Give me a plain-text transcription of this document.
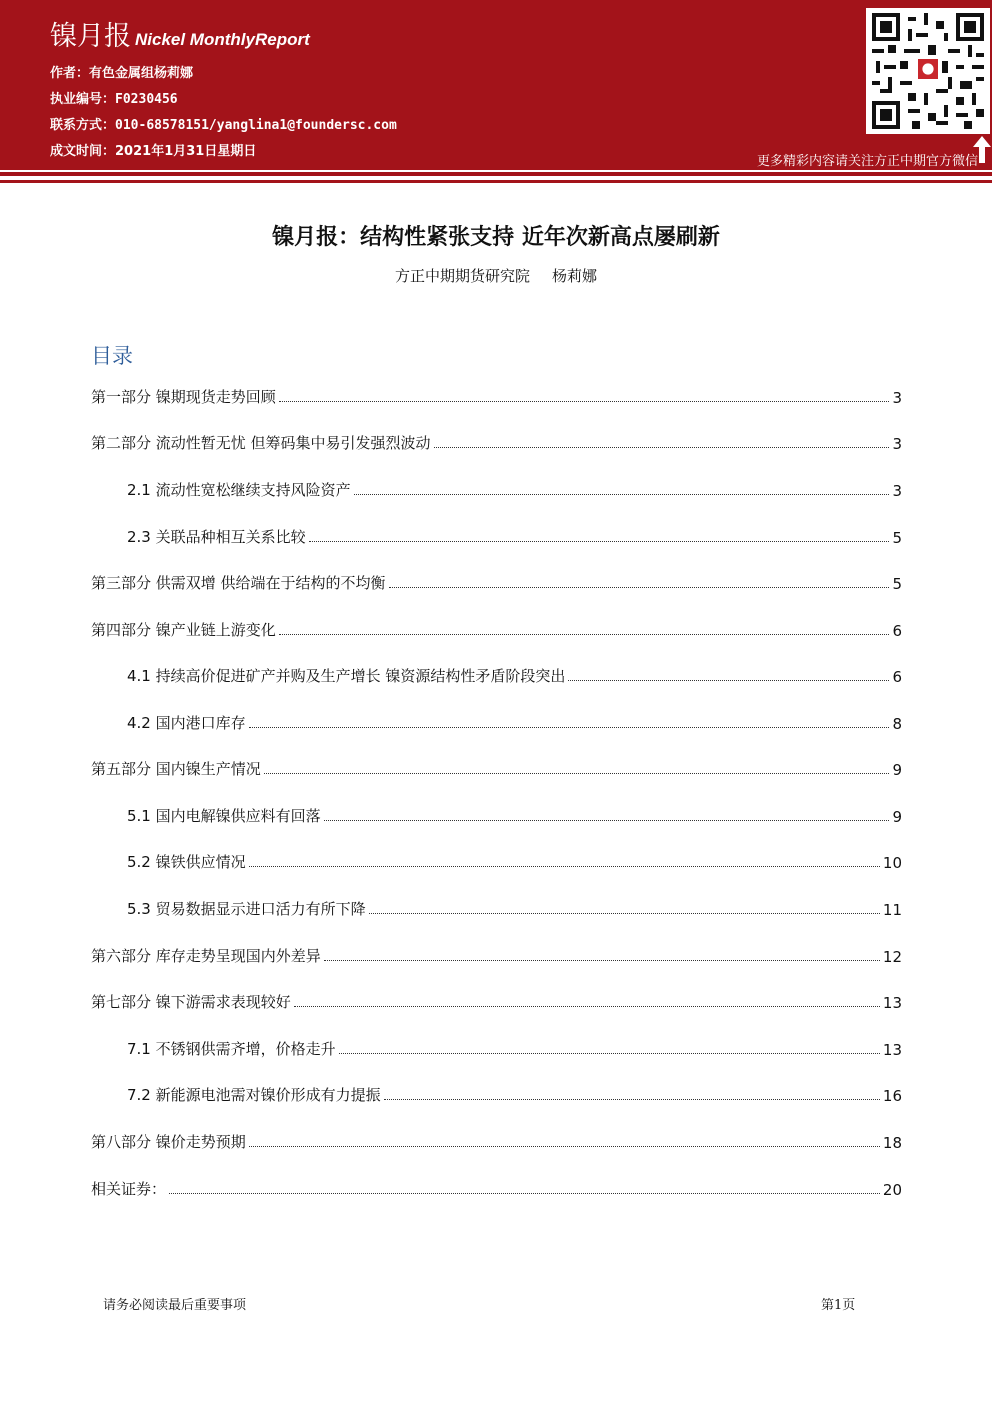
镍月报 Nickel MonthlyReport
作者：有色金属组杨莉娜
执业编号：F0230456
联系方式：010-68578151/yanglina1@foundersc.com
成文时间：2021年1月31日星期日
更多精彩内容请关注方正中期官方微信
镍月报：结构性紧张支持 近年次新高点屡刷新
方正中期期货研究院 杨莉娜
目录
第一部分 镍期现货走势回顾	3
第二部分 流动性暂无忧 但筹码集中易引发强烈波动	3
2.1 流动性宽松继续支持风险资产	3
2.3 关联品种相互关系比较	5
第三部分 供需双增 供给端在于结构的不均衡	5
第四部分 镍产业链上游变化	6
4.1 持续高价促进矿产并购及生产增长 镍资源结构性矛盾阶段突出	6
4.2 国内港口库存	8
第五部分 国内镍生产情况	9
5.1 国内电解镍供应料有回落	9
5.2 镍铁供应情况	10
5.3 贸易数据显示进口活力有所下降	11
第六部分 库存走势呈现国内外差异	12
第七部分 镍下游需求表现较好	13
7.1 不锈钢供需齐增，价格走升	13
7.2 新能源电池需对镍价形成有力提振	16
第八部分 镍价走势预期	18
相关证券：	20
请务必阅读最后重要事项	第1页
